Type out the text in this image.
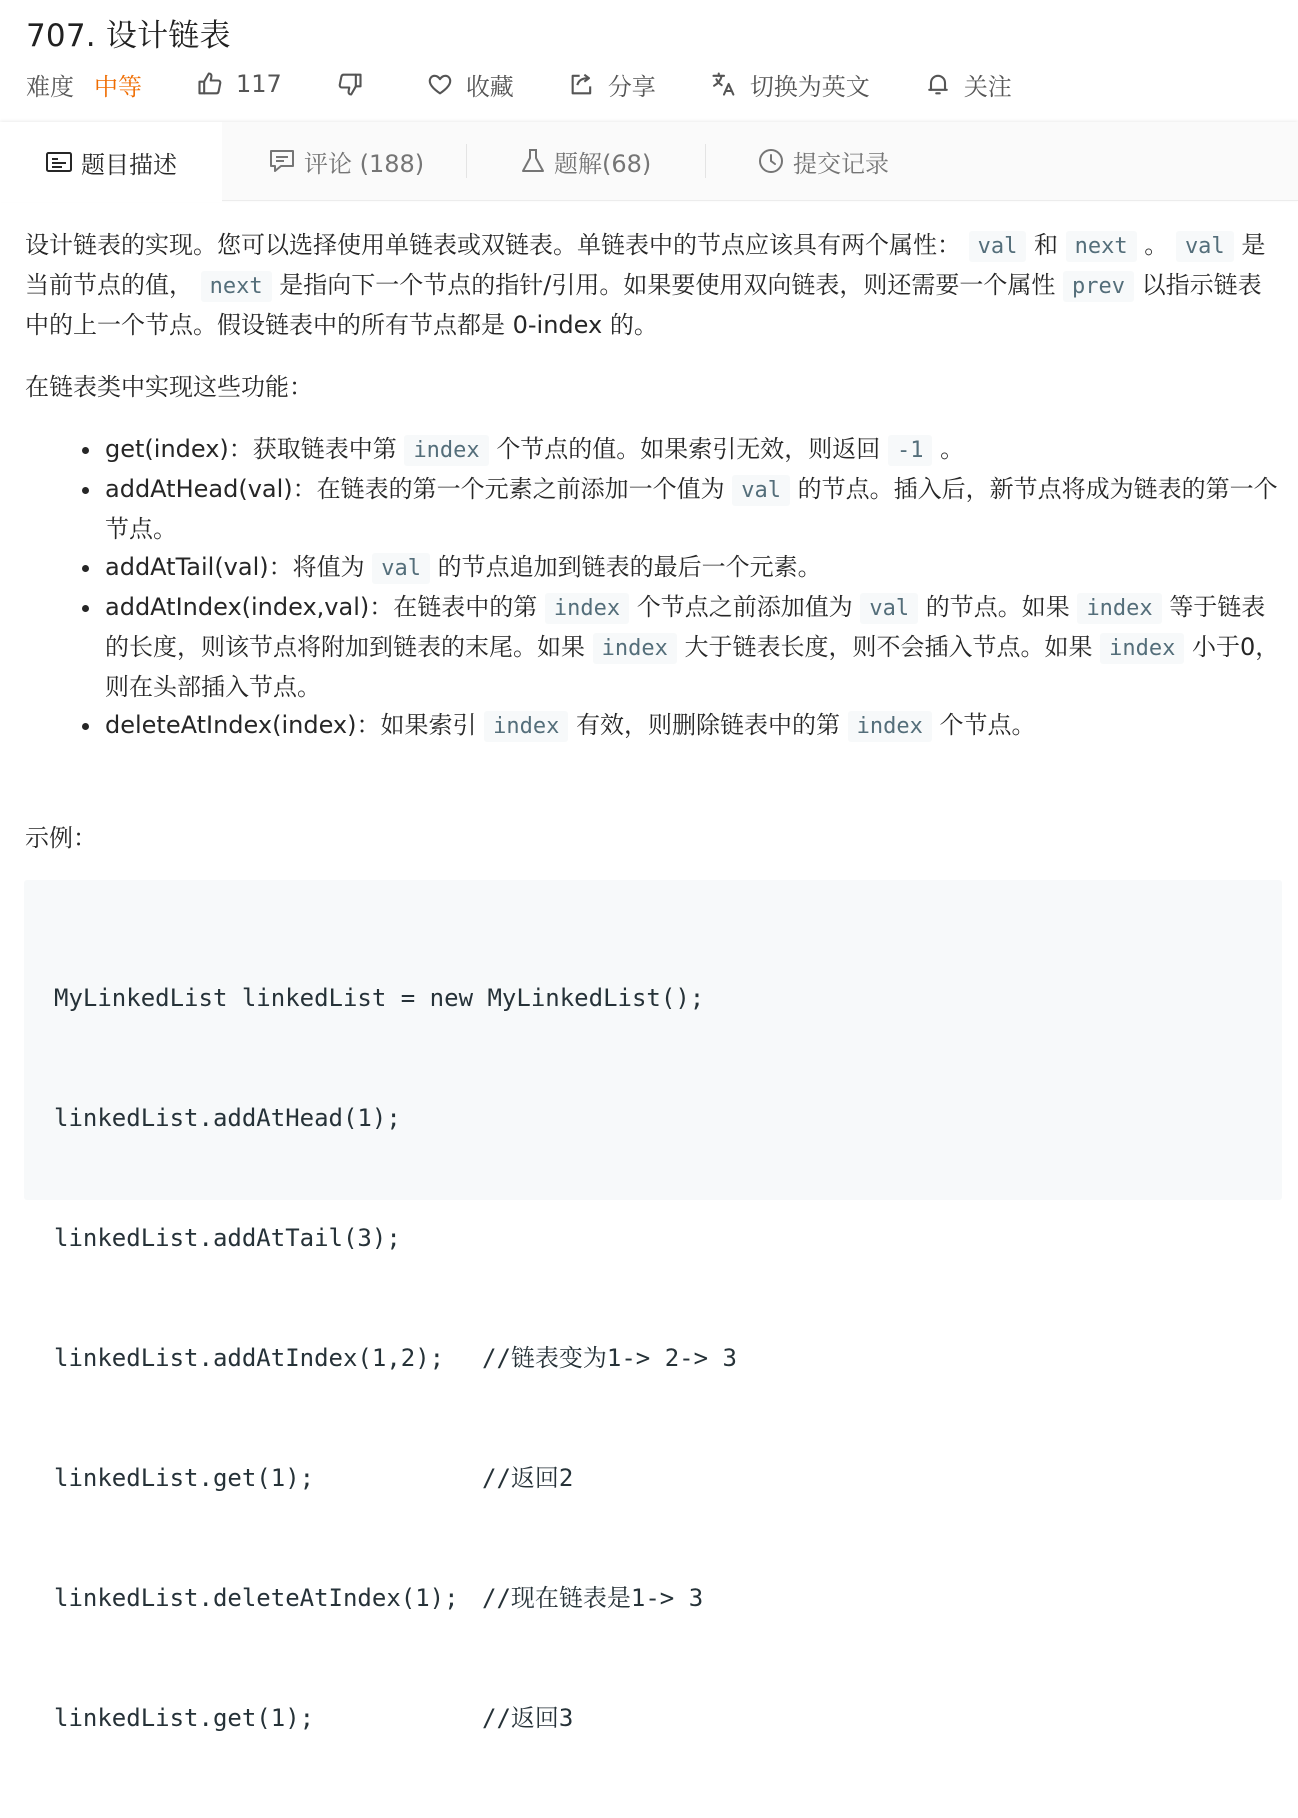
707. 设计链表
难度 中等	117	收藏	分享	切换为英文	关注
题目描述	评论 (188)	题解(68)	提交记录

设计链表的实现。您可以选择使用单链表或双链表。单链表中的节点应该具有两个属性： val 和 next 。 val 是当前节点的值， next 是指向下一个节点的指针/引用。如果要使用双向链表，则还需要一个属性 prev 以指示链表中的上一个节点。假设链表中的所有节点都是 0-index 的。

在链表类中实现这些功能：

• get(index)：获取链表中第 index 个节点的值。如果索引无效，则返回 -1 。
• addAtHead(val)：在链表的第一个元素之前添加一个值为 val 的节点。插入后，新节点将成为链表的第一个节点。
• addAtTail(val)：将值为 val 的节点追加到链表的最后一个元素。
• addAtIndex(index,val)：在链表中的第 index 个节点之前添加值为 val 的节点。如果 index 等于链表的长度，则该节点将附加到链表的末尾。如果 index 大于链表长度，则不会插入节点。如果 index 小于0，则在头部插入节点。
• deleteAtIndex(index)：如果索引 index 有效，则删除链表中的第 index 个节点。
示例：

MyLinkedList linkedList = new MyLinkedList();

linkedList.addAtHead(1);

linkedList.addAtTail(3);

linkedList.addAtIndex(1,2); //链表变为1-> 2-> 3

linkedList.get(1);	//返回2

linkedList.deleteAtIndex(1); //现在链表是1-> 3

linkedList.get(1);	//返回3
